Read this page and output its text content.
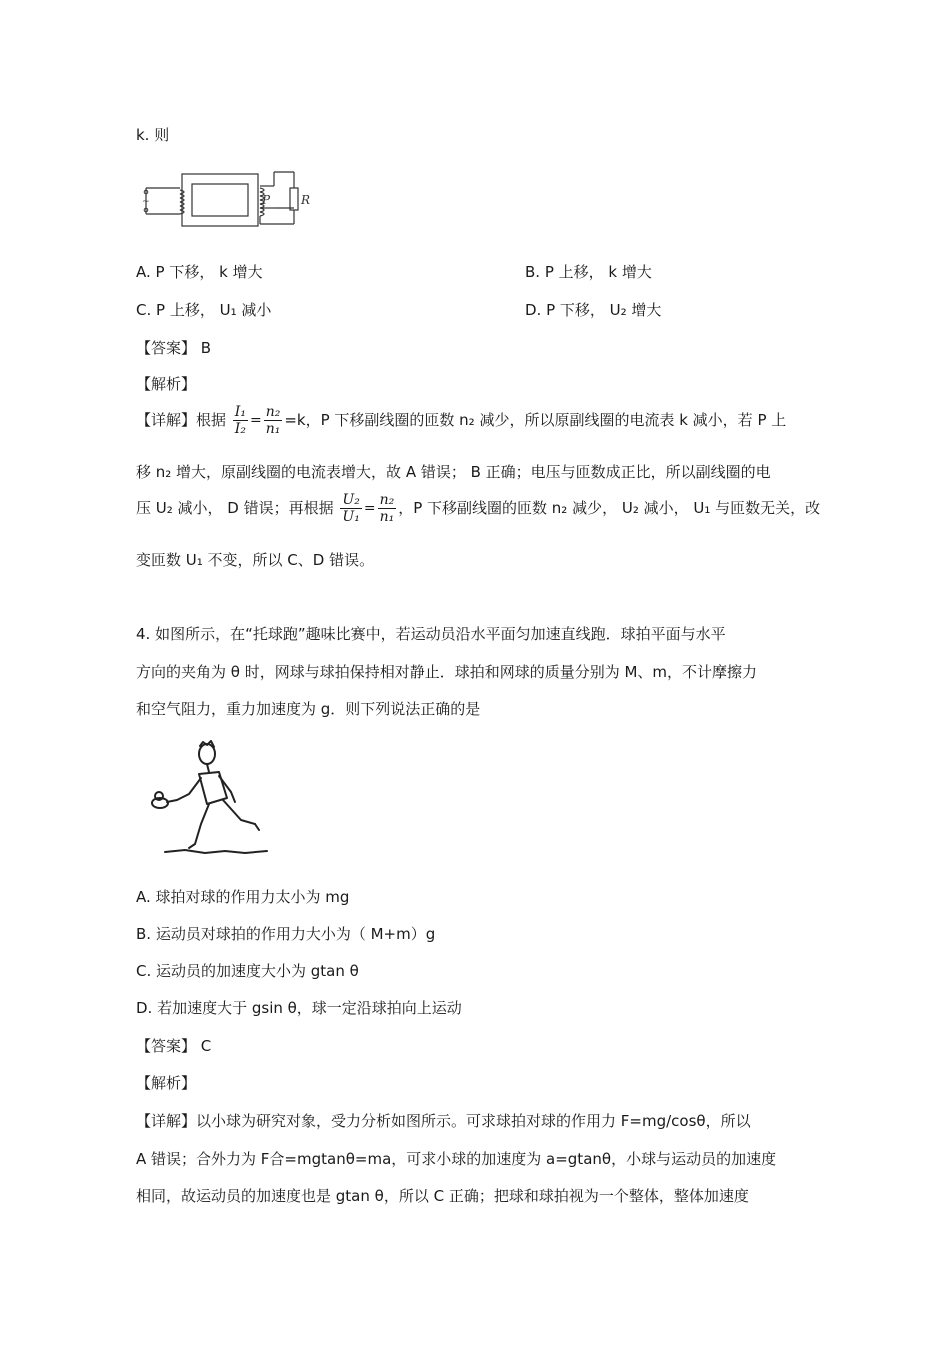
k. 则
~	P	R
A. P 下移， k 增大	B. P 上移， k 增大
C. P 上移， U₁ 减小	D. P 下移， U₂ 增大
【答案】 B
【解析】
【详解】根据 $\frac{\text{I₁}}{\text{I₂}} = \frac{\text{n₂}}{\text{n₁}} =k$，P 下移副线圈的匝数 n₂ 减少，所以原副线圈的电流表 k 减小，若 P 上
移 n₂ 增大，原副线圈的电流表增大，故 A 错误； B 正确；电压与匝数成正比，所以副线圈的电
压 U₂ 减小， D 错误；再根据 $\frac{\text{U₂}}{\text{U₁}} = \frac{\text{n₂}}{\text{n₁}}$ ，P 下移副线圈的匝数 n₂ 减少， U₂ 减小， U₁ 与匝数无关，改
变匝数 U₁ 不变，所以 C、D 错误。
4. 如图所示，在“托球跑”趣味比赛中，若运动员沿水平面匀加速直线跑．球拍平面与水平
方向的夹角为 θ 时，网球与球拍保持相对静止．球拍和网球的质量分别为 M、m，不计摩擦力
和空气阻力，重力加速度为 g．则下列说法正确的是
A. 球拍对球的作用力太小为 mg
B. 运动员对球拍的作用力大小为（ M+m）g
C. 运动员的加速度大小为 gtan θ
D. 若加速度大于 gsin θ，球一定沿球拍向上运动
【答案】 C
【解析】
【详解】以小球为研究对象，受力分析如图所示。可求球拍对球的作用力 F=mg/cosθ，所以
A 错误；合外力为 F合=mgtanθ=ma，可求小球的加速度为 a=gtanθ，小球与运动员的加速度
相同，故运动员的加速度也是 gtan θ，所以 C 正确；把球和球拍视为一个整体，整体加速度
